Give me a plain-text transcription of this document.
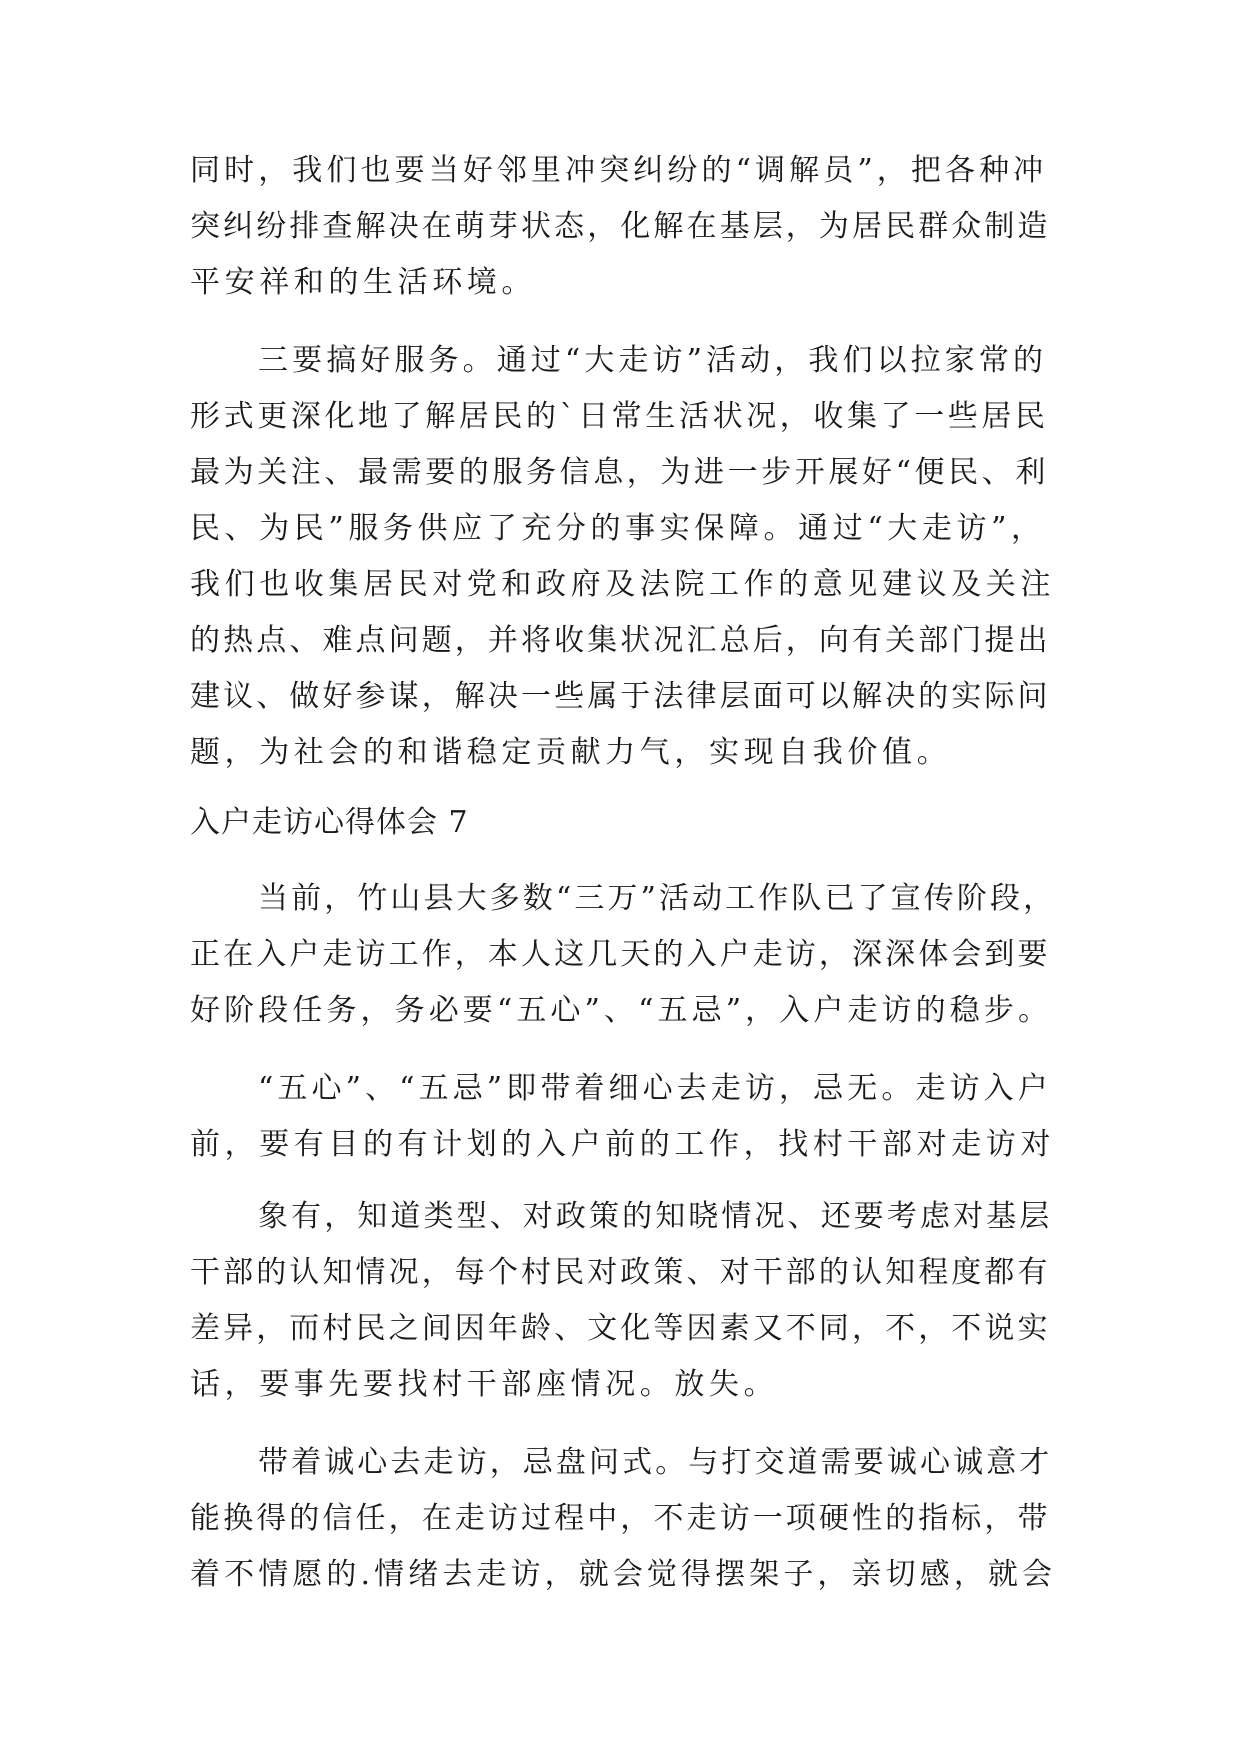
同时，我们也要当好邻里冲突纠纷的“调解员”，把各种冲

突纠纷排查解决在萌芽状态，化解在基层，为居民群众制造

平安祥和的生活环境。

三要搞好服务。通过“大走访”活动，我们以拉家常的

形式更深化地了解居民的`日常生活状况，收集了一些居民

最为关注、最需要的服务信息，为进一步开展好“便民、利

民、为民”服务供应了充分的事实保障。通过“大走访”，

我们也收集居民对党和政府及法院工作的意见建议及关注

的热点、难点问题，并将收集状况汇总后，向有关部门提出

建议、做好参谋，解决一些属于法律层面可以解决的实际问

题，为社会的和谐稳定贡献力气，实现自我价值。

入户走访心得体会 7

当前，竹山县大多数“三万”活动工作队已了宣传阶段，

正在入户走访工作，本人这几天的入户走访，深深体会到要

好阶段任务，务必要“五心”、“五忌”，入户走访的稳步。

“五心”、“五忌”即带着细心去走访，忌无。走访入户

前，要有目的有计划的入户前的工作，找村干部对走访对

象有，知道类型、对政策的知晓情况、还要考虑对基层

干部的认知情况，每个村民对政策、对干部的认知程度都有

差异，而村民之间因年龄、文化等因素又不同，不，不说实

话，要事先要找村干部座情况。放失。

带着诚心去走访，忌盘问式。与打交道需要诚心诚意才

能换得的信任，在走访过程中，不走访一项硬性的指标，带

着不情愿的.情绪去走访，就会觉得摆架子，亲切感，就会
